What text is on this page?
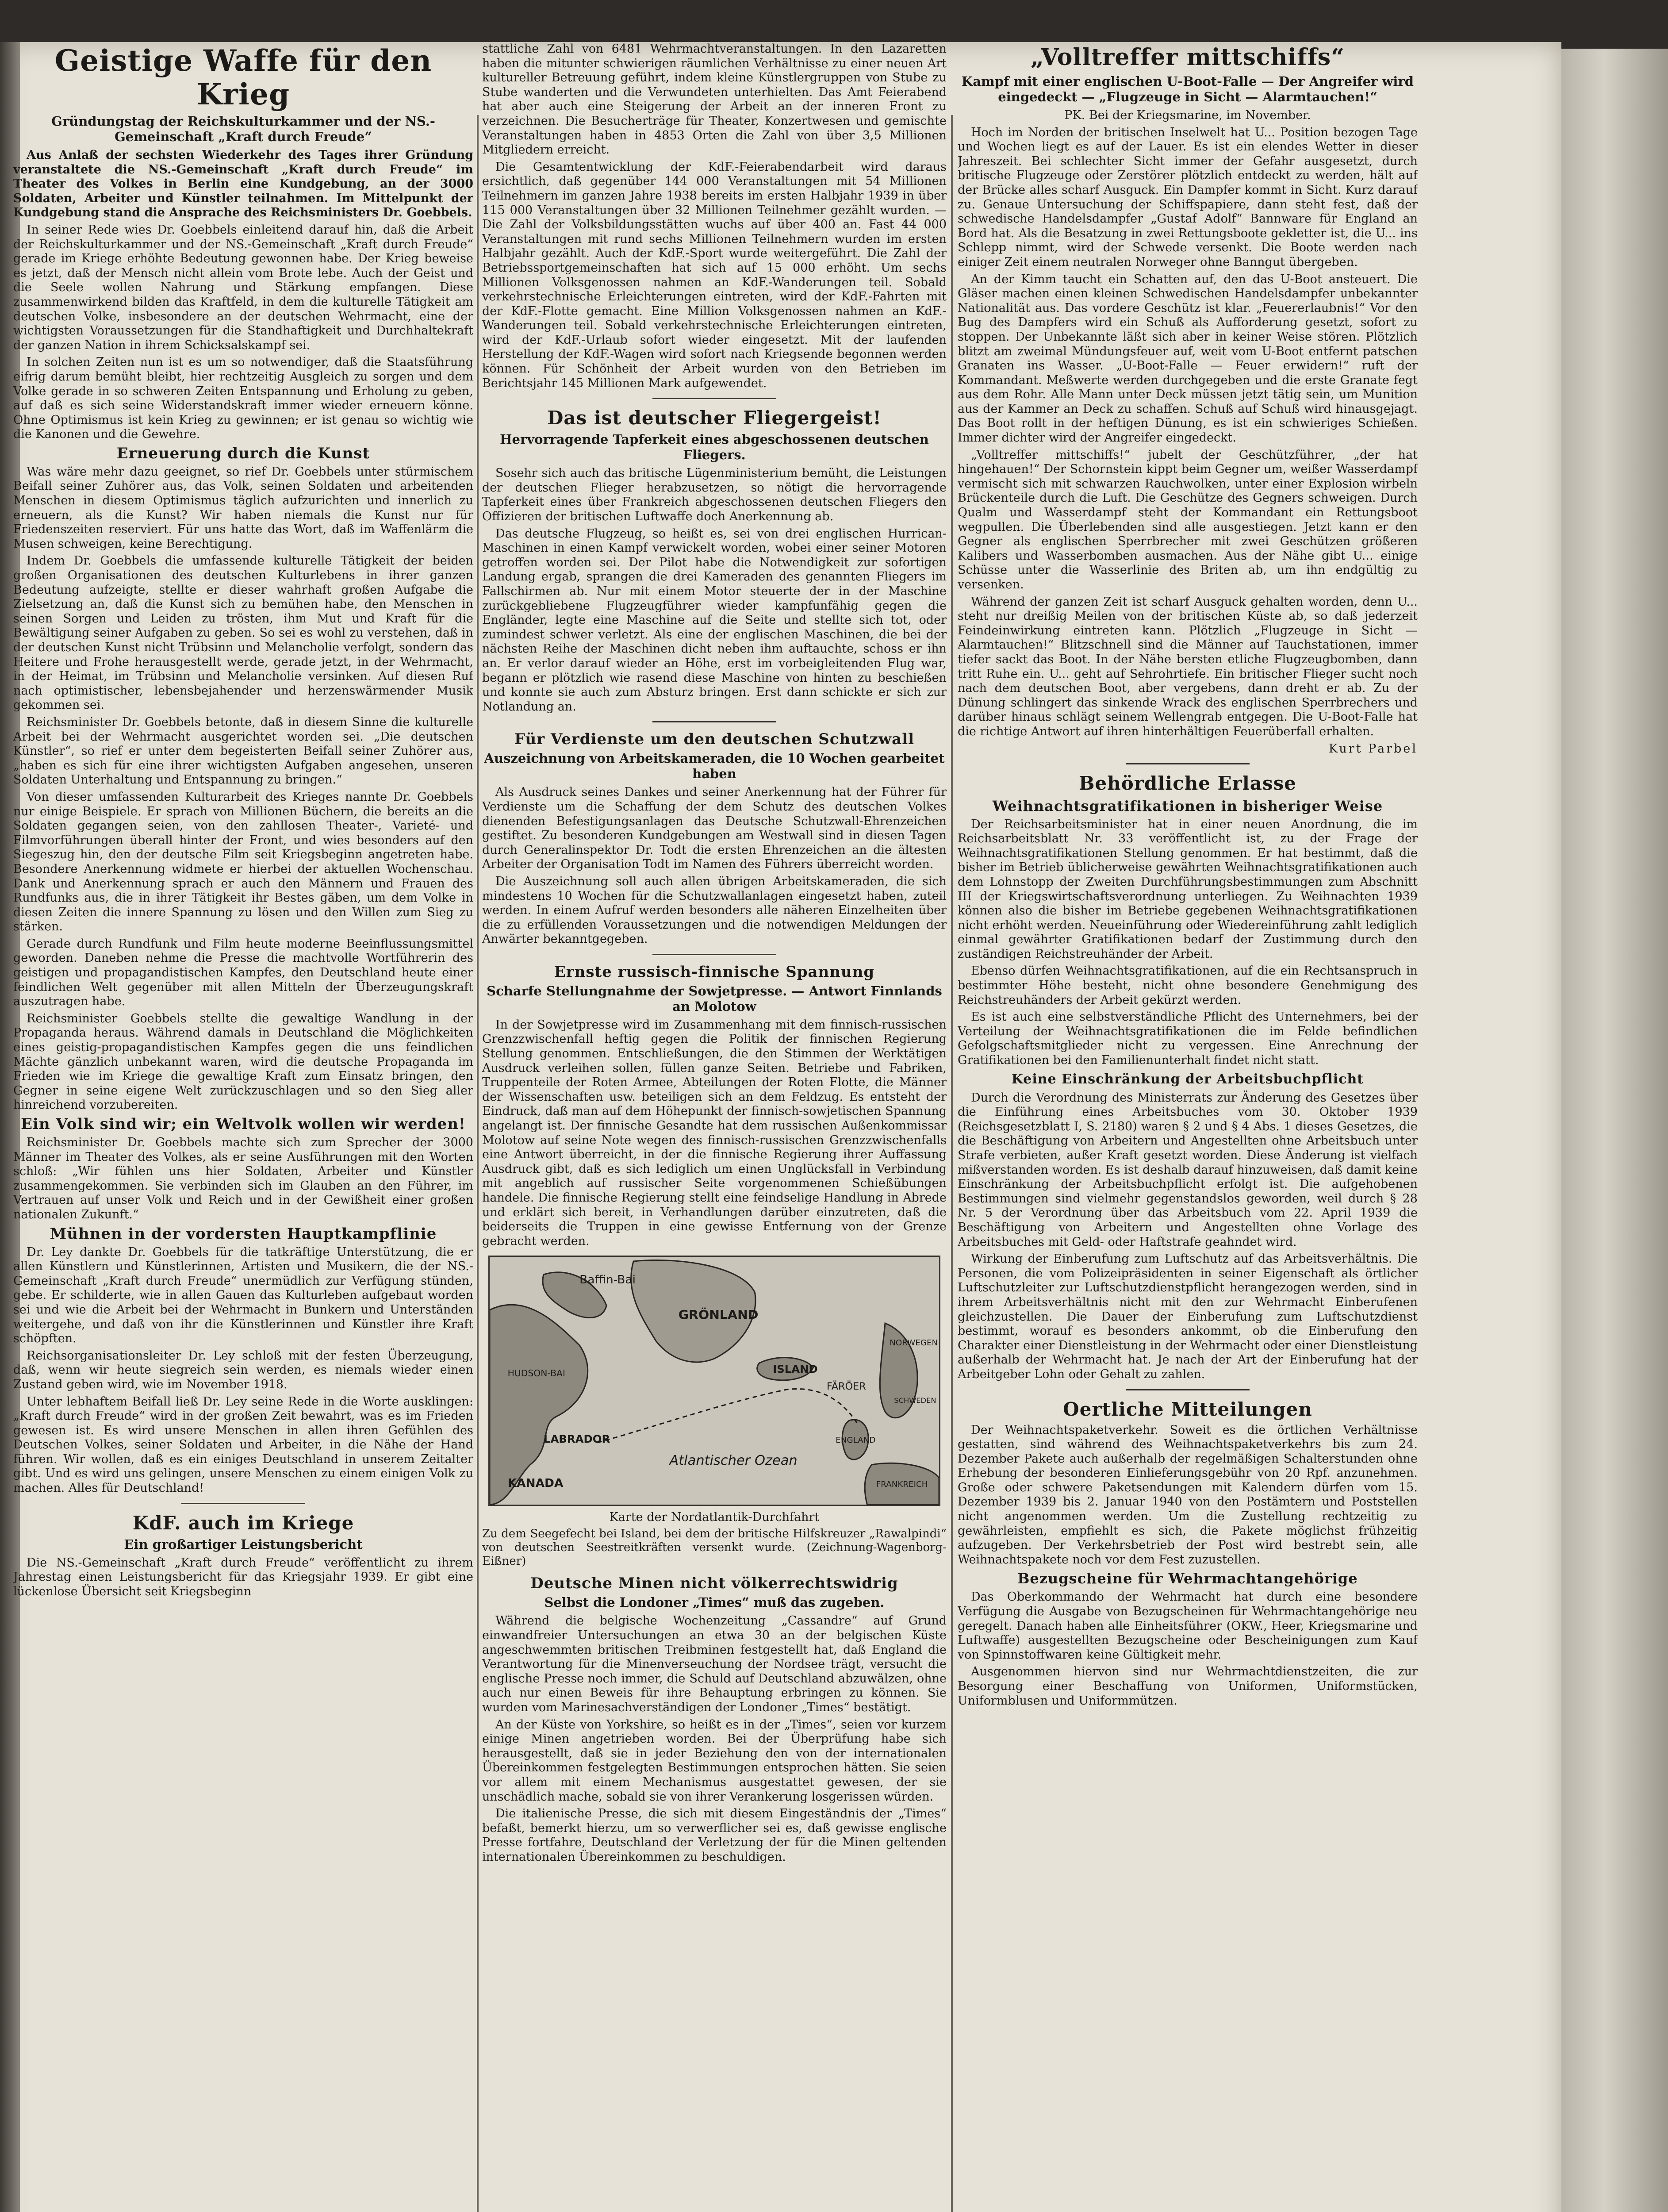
Geistige Waffe für den Krieg
Gründungstag der Reichskulturkammer und der NS.-Gemeinschaft „Kraft durch Freude“

Aus Anlaß der sechsten Wiederkehr des Tages ihrer Gründung veranstaltete die NS.-Gemeinschaft „Kraft durch Freude“ im Theater des Volkes in Berlin eine Kundgebung, an der 3000 Soldaten, Arbeiter und Künstler teilnahmen. Im Mittelpunkt der Kundgebung stand die Ansprache des Reichsministers Dr. Goebbels.

In seiner Rede wies Dr. Goebbels einleitend darauf hin, daß die Arbeit der Reichskulturkammer und der NS.-Gemeinschaft „Kraft durch Freude“ gerade im Kriege erhöhte Bedeutung gewonnen habe. Der Krieg beweise es jetzt, daß der Mensch nicht allein vom Brote lebe. Auch der Geist und die Seele wollen Nahrung und Stärkung empfangen. Diese zusammenwirkend bilden das Kraftfeld, in dem die kulturelle Tätigkeit am deutschen Volke, insbesondere an der deutschen Wehrmacht, eine der wichtigsten Voraussetzungen für die Standhaftigkeit und Durchhaltekraft der ganzen Nation in ihrem Schicksalskampf sei.

In solchen Zeiten nun ist es um so notwendiger, daß die Staatsführung eifrig darum bemüht bleibt, hier rechtzeitig Ausgleich zu sorgen und dem Volke gerade in so schweren Zeiten Entspannung und Erholung zu geben, auf daß es sich seine Widerstandskraft immer wieder erneuern könne. Ohne Optimismus ist kein Krieg zu gewinnen; er ist genau so wichtig wie die Kanonen und die Gewehre.

Erneuerung durch die Kunst

Was wäre mehr dazu geeignet, so rief Dr. Goebbels unter stürmischem Beifall seiner Zuhörer aus, das Volk, seinen Soldaten und arbeitenden Menschen in diesem Optimismus täglich aufzurichten und innerlich zu erneuern, als die Kunst? Wir haben niemals die Kunst nur für Friedenszeiten reserviert. Für uns hatte das Wort, daß im Waffenlärm die Musen schweigen, keine Berechtigung.

Indem Dr. Goebbels die umfassende kulturelle Tätigkeit der beiden großen Organisationen des deutschen Kulturlebens in ihrer ganzen Bedeutung aufzeigte, stellte er dieser wahrhaft großen Aufgabe die Zielsetzung an, daß die Kunst sich zu bemühen habe, den Menschen in seinen Sorgen und Leiden zu trösten, ihm Mut und Kraft für die Bewältigung seiner Aufgaben zu geben. So sei es wohl zu verstehen, daß in der deutschen Kunst nicht Trübsinn und Melancholie verfolgt, sondern das Heitere und Frohe herausgestellt werde, gerade jetzt, in der Wehrmacht, in der Heimat, im Trübsinn und Melancholie versinken. Auf diesen Ruf nach optimistischer, lebensbejahender und herzenswärmender Musik gekommen sei.

Reichsminister Dr. Goebbels betonte, daß in diesem Sinne die kulturelle Arbeit bei der Wehrmacht ausgerichtet worden sei. „Die deutschen Künstler“, so rief er unter dem begeisterten Beifall seiner Zuhörer aus, „haben es sich für eine ihrer wichtigsten Aufgaben angesehen, unseren Soldaten Unterhaltung und Entspannung zu bringen.“

Von dieser umfassenden Kulturarbeit des Krieges nannte Dr. Goebbels nur einige Beispiele. Er sprach von Millionen Büchern, die bereits an die Soldaten gegangen seien, von den zahllosen Theater-, Varieté- und Filmvorführungen überall hinter der Front, und wies besonders auf den Siegeszug hin, den der deutsche Film seit Kriegsbeginn angetreten habe. Besondere Anerkennung widmete er hierbei der aktuellen Wochenschau. Dank und Anerkennung sprach er auch den Männern und Frauen des Rundfunks aus, die in ihrer Tätigkeit ihr Bestes gäben, um dem Volke in diesen Zeiten die innere Spannung zu lösen und den Willen zum Sieg zu stärken.

Gerade durch Rundfunk und Film heute moderne Beeinflussungsmittel geworden. Daneben nehme die Presse die machtvolle Wortführerin des geistigen und propagandistischen Kampfes, den Deutschland heute einer feindlichen Welt gegenüber mit allen Mitteln der Überzeugungskraft auszutragen habe.

Reichsminister Goebbels stellte die gewaltige Wandlung in der Propaganda heraus. Während damals in Deutschland die Möglichkeiten eines geistig-propagandistischen Kampfes gegen die uns feindlichen Mächte gänzlich unbekannt waren, wird die deutsche Propaganda im Frieden wie im Kriege die gewaltige Kraft zum Einsatz bringen, den Gegner in seine eigene Welt zurückzuschlagen und so den Sieg aller hinreichend vorzubereiten.

Ein Volk sind wir; ein Weltvolk wollen wir werden!

Reichsminister Dr. Goebbels machte sich zum Sprecher der 3000 Männer im Theater des Volkes, als er seine Ausführungen mit den Worten schloß: „Wir fühlen uns hier Soldaten, Arbeiter und Künstler zusammengekommen. Sie verbinden sich im Glauben an den Führer, im Vertrauen auf unser Volk und Reich und in der Gewißheit einer großen nationalen Zukunft.“

Mühnen in der vordersten Hauptkampflinie

Dr. Ley dankte Dr. Goebbels für die tatkräftige Unterstützung, die er allen Künstlern und Künstlerinnen, Artisten und Musikern, die der NS.-Gemeinschaft „Kraft durch Freude“ unermüdlich zur Verfügung stünden, gebe. Er schilderte, wie in allen Gauen das Kulturleben aufgebaut worden sei und wie die Arbeit bei der Wehrmacht in Bunkern und Unterständen weitergehe, und daß von ihr die Künstlerinnen und Künstler ihre Kraft schöpften.

Reichsorganisationsleiter Dr. Ley schloß mit der festen Überzeugung, daß, wenn wir heute siegreich sein werden, es niemals wieder einen Zustand geben wird, wie im November 1918.

Unter lebhaftem Beifall ließ Dr. Ley seine Rede in die Worte ausklingen: „Kraft durch Freude“ wird in der großen Zeit bewahrt, was es im Frieden gewesen ist. Es wird unsere Menschen in allen ihren Gefühlen des Deutschen Volkes, seiner Soldaten und Arbeiter, in die Nähe der Hand führen. Wir wollen, daß es ein einiges Deutschland in unserem Zeitalter gibt. Und es wird uns gelingen, unsere Menschen zu einem einigen Volk zu machen. Alles für Deutschland!

KdF. auch im Kriege
Ein großartiger Leistungsbericht

Die NS.-Gemeinschaft „Kraft durch Freude“ veröffentlicht zu ihrem Jahrestag einen Leistungsbericht für das Kriegsjahr 1939. Er gibt eine lückenlose Übersicht seit Kriegsbeginn

stattliche Zahl von 6481 Wehrmachtveranstaltungen. In den Lazaretten haben die mitunter schwierigen räumlichen Verhältnisse zu einer neuen Art kultureller Betreuung geführt, indem kleine Künstlergruppen von Stube zu Stube wanderten und die Verwundeten unterhielten. Das Amt Feierabend hat aber auch eine Steigerung der Arbeit an der inneren Front zu verzeichnen. Die Besucherträge für Theater, Konzertwesen und gemischte Veranstaltungen haben in 4853 Orten die Zahl von über 3,5 Millionen Mitgliedern erreicht.

Die Gesamtentwicklung der KdF.-Feierabendarbeit wird daraus ersichtlich, daß gegenüber 144 000 Veranstaltungen mit 54 Millionen Teilnehmern im ganzen Jahre 1938 bereits im ersten Halbjahr 1939 in über 115 000 Veranstaltungen über 32 Millionen Teilnehmer gezählt wurden. — Die Zahl der Volksbildungsstätten wuchs auf über 400 an. Fast 44 000 Veranstaltungen mit rund sechs Millionen Teilnehmern wurden im ersten Halbjahr gezählt. Auch der KdF.-Sport wurde weitergeführt. Die Zahl der Betriebssportgemeinschaften hat sich auf 15 000 erhöht. Um sechs Millionen Volksgenossen nahmen an KdF.-Wanderungen teil. Sobald verkehrstechnische Erleichterungen eintreten, wird der KdF.-Fahrten mit der KdF.-Flotte gemacht. Eine Million Volksgenossen nahmen an KdF.-Wanderungen teil. Sobald verkehrstechnische Erleichterungen eintreten, wird der KdF.-Urlaub sofort wieder eingesetzt. Mit der laufenden Herstellung der KdF.-Wagen wird sofort nach Kriegsende begonnen werden können. Für Schönheit der Arbeit wurden von den Betrieben im Berichtsjahr 145 Millionen Mark aufgewendet.

Das ist deutscher Fliegergeist!
Hervorragende Tapferkeit eines abgeschossenen deutschen Fliegers.

Sosehr sich auch das britische Lügenministerium bemüht, die Leistungen der deutschen Flieger herabzusetzen, so nötigt die hervorragende Tapferkeit eines über Frankreich abgeschossenen deutschen Fliegers den Offizieren der britischen Luftwaffe doch Anerkennung ab.

Das deutsche Flugzeug, so heißt es, sei von drei englischen Hurrican-Maschinen in einen Kampf verwickelt worden, wobei einer seiner Motoren getroffen worden sei. Der Pilot habe die Notwendigkeit zur sofortigen Landung ergab, sprangen die drei Kameraden des genannten Fliegers im Fallschirmen ab. Nur mit einem Motor steuerte der in der Maschine zurückgebliebene Flugzeugführer wieder kampfunfähig gegen die Engländer, legte eine Maschine auf die Seite und stellte sich tot, oder zumindest schwer verletzt. Als eine der englischen Maschinen, die bei der nächsten Reihe der Maschinen dicht neben ihm auftauchte, schoss er ihn an. Er verlor darauf wieder an Höhe, erst im vorbeigleitenden Flug war, begann er plötzlich wie rasend diese Maschine von hinten zu beschießen und konnte sie auch zum Absturz bringen. Erst dann schickte er sich zur Notlandung an.

Für Verdienste um den deutschen Schutzwall
Auszeichnung von Arbeitskameraden, die 10 Wochen gearbeitet haben

Als Ausdruck seines Dankes und seiner Anerkennung hat der Führer für Verdienste um die Schaffung der dem Schutz des deutschen Volkes dienenden Befestigungsanlagen das Deutsche Schutzwall-Ehrenzeichen gestiftet. Zu besonderen Kundgebungen am Westwall sind in diesen Tagen durch Generalinspektor Dr. Todt die ersten Ehrenzeichen an die ältesten Arbeiter der Organisation Todt im Namen des Führers überreicht worden.

Die Auszeichnung soll auch allen übrigen Arbeitskameraden, die sich mindestens 10 Wochen für die Schutzwallanlagen eingesetzt haben, zuteil werden. In einem Aufruf werden besonders alle näheren Einzelheiten über die zu erfüllenden Voraussetzungen und die notwendigen Meldungen der Anwärter bekanntgegeben.

Ernste russisch-finnische Spannung
Scharfe Stellungnahme der Sowjetpresse. — Antwort Finnlands an Molotow

In der Sowjetpresse wird im Zusammenhang mit dem finnisch-russischen Grenzzwischenfall heftig gegen die Politik der finnischen Regierung Stellung genommen. Entschließungen, die den Stimmen der Werktätigen Ausdruck verleihen sollen, füllen ganze Seiten. Betriebe und Fabriken, Truppenteile der Roten Armee, Abteilungen der Roten Flotte, die Männer der Wissenschaften usw. beteiligen sich an dem Feldzug. Es entsteht der Eindruck, daß man auf dem Höhepunkt der finnisch-sowjetischen Spannung angelangt ist. Der finnische Gesandte hat dem russischen Außenkommissar Molotow auf seine Note wegen des finnisch-russischen Grenzzwischenfalls eine Antwort überreicht, in der die finnische Regierung ihrer Auffassung Ausdruck gibt, daß es sich lediglich um einen Unglücksfall in Verbindung mit angeblich auf russischer Seite vorgenommenen Schießübungen handele. Die finnische Regierung stellt eine feindselige Handlung in Abrede und erklärt sich bereit, in Verhandlungen darüber einzutreten, daß die beiderseits die Truppen in eine gewisse Entfernung von der Grenze gebracht werden.

Baffin-Bai
GRÖNLAND
ISLAND
FÄRÖER
KANADA
LABRADOR
Atlantischer Ozean
NORWEGEN
SCHWEDEN
ENGLAND
FRANKREICH
HUDSON-BAI
Karte der Nordatlantik-Durchfahrt
Zu dem Seegefecht bei Island, bei dem der britische Hilfskreuzer „Rawalpindi“ von deutschen Seestreitkräften versenkt wurde. (Zeichnung-Wagenborg-Eißner)
Deutsche Minen nicht völkerrechtswidrig
Selbst die Londoner „Times“ muß das zugeben.

Während die belgische Wochenzeitung „Cassandre“ auf Grund einwandfreier Untersuchungen an etwa 30 an der belgischen Küste angeschwemmten britischen Treibminen festgestellt hat, daß England die Verantwortung für die Minenverseuchung der Nordsee trägt, versucht die englische Presse noch immer, die Schuld auf Deutschland abzuwälzen, ohne auch nur einen Beweis für ihre Behauptung erbringen zu können. Sie wurden vom Marinesachverständigen der Londoner „Times“ bestätigt.

An der Küste von Yorkshire, so heißt es in der „Times“, seien vor kurzem einige Minen angetrieben worden. Bei der Überprüfung habe sich herausgestellt, daß sie in jeder Beziehung den von der internationalen Übereinkommen festgelegten Bestimmungen entsprochen hätten. Sie seien vor allem mit einem Mechanismus ausgestattet gewesen, der sie unschädlich mache, sobald sie von ihrer Verankerung losgerissen würden.

Die italienische Presse, die sich mit diesem Eingeständnis der „Times“ befaßt, bemerkt hierzu, um so verwerflicher sei es, daß gewisse englische Presse fortfahre, Deutschland der Verletzung der für die Minen geltenden internationalen Übereinkommen zu beschuldigen.

„Volltreffer mittschiffs“
Kampf mit einer englischen U-Boot-Falle — Der Angreifer wird eingedeckt — „Flugzeuge in Sicht — Alarmtauchen!“

PK. Bei der Kriegsmarine, im November.

Hoch im Norden der britischen Inselwelt hat U... Position bezogen Tage und Wochen liegt es auf der Lauer. Es ist ein elendes Wetter in dieser Jahreszeit. Bei schlechter Sicht immer der Gefahr ausgesetzt, durch britische Flugzeuge oder Zerstörer plötzlich entdeckt zu werden, hält auf der Brücke alles scharf Ausguck. Ein Dampfer kommt in Sicht. Kurz darauf zu. Genaue Untersuchung der Schiffspapiere, dann steht fest, daß der schwedische Handelsdampfer „Gustaf Adolf“ Bannware für England an Bord hat. Als die Besatzung in zwei Rettungsboote gekletter ist, die U... ins Schlepp nimmt, wird der Schwede versenkt. Die Boote werden nach einiger Zeit einem neutralen Norweger ohne Banngut übergeben.

An der Kimm taucht ein Schatten auf, den das U-Boot ansteuert. Die Gläser machen einen kleinen Schwedischen Handelsdampfer unbekannter Nationalität aus. Das vordere Geschütz ist klar. „Feuererlaubnis!“ Vor den Bug des Dampfers wird ein Schuß als Aufforderung gesetzt, sofort zu stoppen. Der Unbekannte läßt sich aber in keiner Weise stören. Plötzlich blitzt am zweimal Mündungsfeuer auf, weit vom U-Boot entfernt patschen Granaten ins Wasser. „U-Boot-Falle — Feuer erwidern!“ ruft der Kommandant. Meßwerte werden durchgegeben und die erste Granate fegt aus dem Rohr. Alle Mann unter Deck müssen jetzt tätig sein, um Munition aus der Kammer an Deck zu schaffen. Schuß auf Schuß wird hinausgejagt. Das Boot rollt in der heftigen Dünung, es ist ein schwieriges Schießen. Immer dichter wird der Angreifer eingedeckt.

„Volltreffer mittschiffs!“ jubelt der Geschützführer, „der hat hingehauen!“ Der Schornstein kippt beim Gegner um, weißer Wasserdampf vermischt sich mit schwarzen Rauchwolken, unter einer Explosion wirbeln Brückenteile durch die Luft. Die Geschütze des Gegners schweigen. Durch Qualm und Wasserdampf steht der Kommandant ein Rettungsboot wegpullen. Die Überlebenden sind alle ausgestiegen. Jetzt kann er den Gegner als englischen Sperrbrecher mit zwei Geschützen größeren Kalibers und Wasserbomben ausmachen. Aus der Nähe gibt U... einige Schüsse unter die Wasserlinie des Briten ab, um ihn endgültig zu versenken.

Während der ganzen Zeit ist scharf Ausguck gehalten worden, denn U... steht nur dreißig Meilen von der britischen Küste ab, so daß jederzeit Feindeinwirkung eintreten kann. Plötzlich „Flugzeuge in Sicht — Alarmtauchen!“ Blitzschnell sind die Männer auf Tauchstationen, immer tiefer sackt das Boot. In der Nähe bersten etliche Flugzeugbomben, dann tritt Ruhe ein. U... geht auf Sehrohrtiefe. Ein britischer Flieger sucht noch nach dem deutschen Boot, aber vergebens, dann dreht er ab. Zu der Dünung schlingert das sinkende Wrack des englischen Sperrbrechers und darüber hinaus schlägt seinem Wellengrab entgegen. Die U-Boot-Falle hat die richtige Antwort auf ihren hinterhältigen Feuerüberfall erhalten.

Kurt Parbel
Behördliche Erlasse
Weihnachtsgratifikationen in bisheriger Weise

Der Reichsarbeitsminister hat in einer neuen Anordnung, die im Reichsarbeitsblatt Nr. 33 veröffentlicht ist, zu der Frage der Weihnachtsgratifikationen Stellung genommen. Er hat bestimmt, daß die bisher im Betrieb üblicherweise gewährten Weihnachtsgratifikationen auch dem Lohnstopp der Zweiten Durchführungsbestimmungen zum Abschnitt III der Kriegswirtschaftsverordnung unterliegen. Zu Weihnachten 1939 können also die bisher im Betriebe gegebenen Weihnachtsgratifikationen nicht erhöht werden. Neueinführung oder Wiedereinführung zahlt lediglich einmal gewährter Gratifikationen bedarf der Zustimmung durch den zuständigen Reichstreuhänder der Arbeit.

Ebenso dürfen Weihnachtsgratifikationen, auf die ein Rechtsanspruch in bestimmter Höhe besteht, nicht ohne besondere Genehmigung des Reichstreuhänders der Arbeit gekürzt werden.

Es ist auch eine selbstverständliche Pflicht des Unternehmers, bei der Verteilung der Weihnachtsgratifikationen die im Felde befindlichen Gefolgschaftsmitglieder nicht zu vergessen. Eine Anrechnung der Gratifikationen bei den Familienunterhalt findet nicht statt.

Keine Einschränkung der Arbeitsbuchpflicht

Durch die Verordnung des Ministerrats zur Änderung des Gesetzes über die Einführung eines Arbeitsbuches vom 30. Oktober 1939 (Reichsgesetzblatt I, S. 2180) waren § 2 und § 4 Abs. 1 dieses Gesetzes, die die Beschäftigung von Arbeitern und Angestellten ohne Arbeitsbuch unter Strafe verbieten, außer Kraft gesetzt worden. Diese Änderung ist vielfach mißverstanden worden. Es ist deshalb darauf hinzuweisen, daß damit keine Einschränkung der Arbeitsbuchpflicht erfolgt ist. Die aufgehobenen Bestimmungen sind vielmehr gegenstandslos geworden, weil durch § 28 Nr. 5 der Verordnung über das Arbeitsbuch vom 22. April 1939 die Beschäftigung von Arbeitern und Angestellten ohne Vorlage des Arbeitsbuches mit Geld- oder Haftstrafe geahndet wird.

Wirkung der Einberufung zum Luftschutz auf das Arbeitsverhältnis. Die Personen, die vom Polizeipräsidenten in seiner Eigenschaft als örtlicher Luftschutzleiter zur Luftschutzdienstpflicht herangezogen werden, sind in ihrem Arbeitsverhältnis nicht mit den zur Wehrmacht Einberufenen gleichzustellen. Die Dauer der Einberufung zum Luftschutzdienst bestimmt, worauf es besonders ankommt, ob die Einberufung den Charakter einer Dienstleistung in der Wehrmacht oder einer Dienstleistung außerhalb der Wehrmacht hat. Je nach der Art der Einberufung hat der Arbeitgeber Lohn oder Gehalt zu zahlen.

Oertliche Mitteilungen

Der Weihnachtspaketverkehr. Soweit es die örtlichen Verhältnisse gestatten, sind während des Weihnachtspaketverkehrs bis zum 24. Dezember Pakete auch außerhalb der regelmäßigen Schalterstunden ohne Erhebung der besonderen Einlieferungsgebühr von 20 Rpf. anzunehmen. Große oder schwere Paketsendungen mit Kalendern dürfen vom 15. Dezember 1939 bis 2. Januar 1940 von den Postämtern und Poststellen nicht angenommen werden. Um die Zustellung rechtzeitig zu gewährleisten, empfiehlt es sich, die Pakete möglichst frühzeitig aufzugeben. Der Verkehrsbetrieb der Post wird bestrebt sein, alle Weihnachtspakete noch vor dem Fest zuzustellen.

Bezugscheine für Wehrmachtangehörige

Das Oberkommando der Wehrmacht hat durch eine besondere Verfügung die Ausgabe von Bezugscheinen für Wehrmachtangehörige neu geregelt. Danach haben alle Einheitsführer (OKW., Heer, Kriegsmarine und Luftwaffe) ausgestellten Bezugscheine oder Bescheinigungen zum Kauf von Spinnstoffwaren keine Gültigkeit mehr.

Ausgenommen hiervon sind nur Wehrmachtdienstzeiten, die zur Besorgung einer Beschaffung von Uniformen, Uniformstücken, Uniformblusen und Uniformmützen.
